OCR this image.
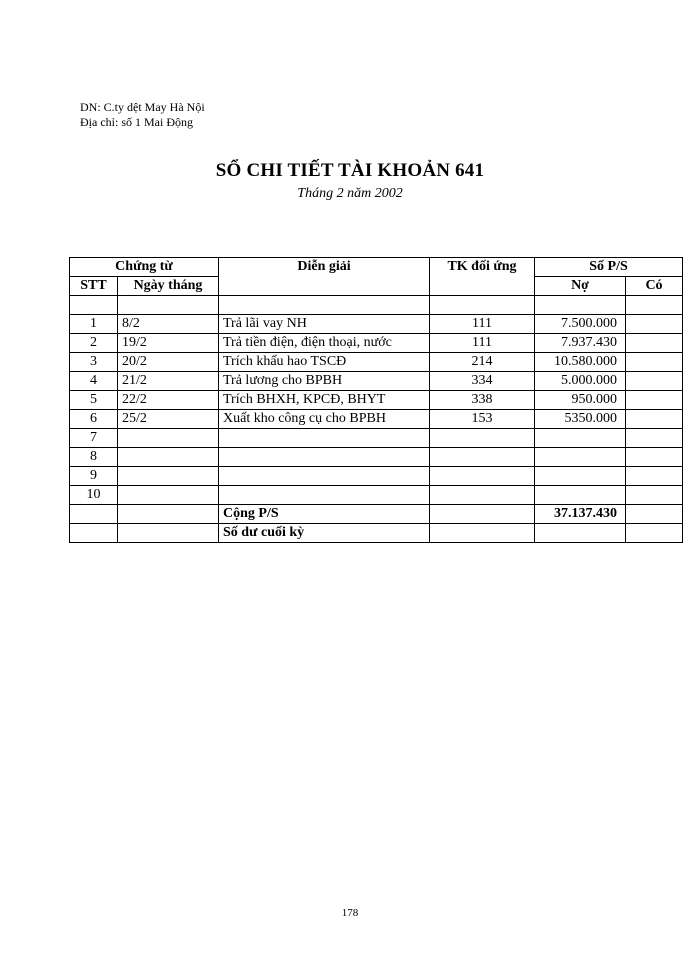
DN: C.ty dệt May Hà Nội
Địa chỉ: số 1 Mai Động
SỔ CHI TIẾT TÀI KHOẢN 641
Tháng 2 năm 2002
Chứng từ		Diễn giải	TK đối ứng	Số P/S	
STT	Ngày tháng			Nợ	Có

1	8/2	Trả lãi vay NH	111	7.500.000	
2	19/2	Trả tiền điện, điện thoại, nước	111	7.937.430	
3	20/2	Trích khấu hao TSCĐ	214	10.580.000	
4	21/2	Trả lương cho BPBH	334	5.000.000	
5	22/2	Trích BHXH, KPCĐ, BHYT	338	950.000	
6	25/2	Xuất kho công cụ cho BPBH	153	5350.000	
7					
8					
9					
10					
		Cộng P/S		37.137.430	
		Số dư cuối kỳ			
178
